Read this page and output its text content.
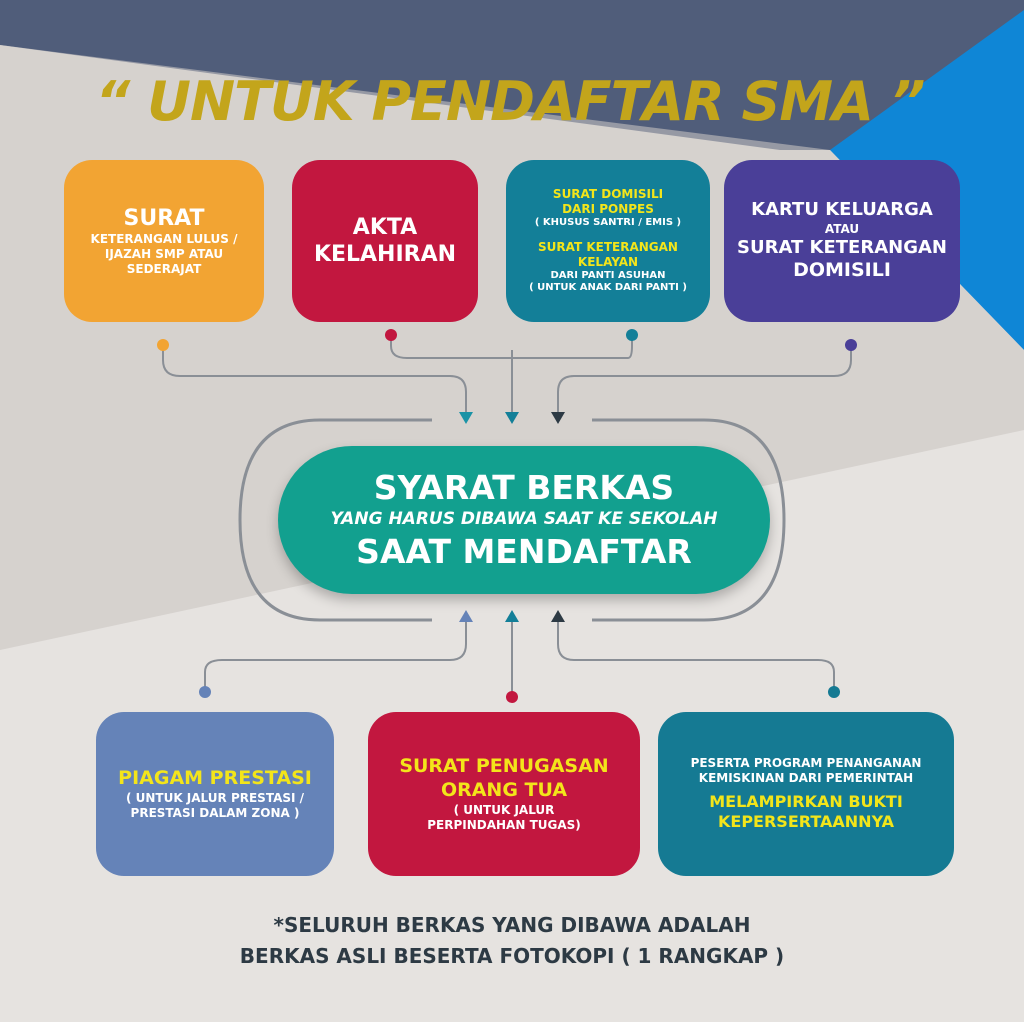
“ UNTUK PENDAFTAR SMA ”
SURAT
KETERANGAN LULUS /
IJAZAH SMP ATAU
SEDERAJAT
AKTA
KELAHIRAN
SURAT DOMISILI
DARI PONPES
( KHUSUS SANTRI / EMIS )
SURAT KETERANGAN
KELAYAN
DARI PANTI ASUHAN
( UNTUK ANAK DARI PANTI )
KARTU KELUARGA
ATAU
SURAT KETERANGAN
DOMISILI
SYARAT BERKAS
YANG HARUS DIBAWA SAAT KE SEKOLAH
SAAT MENDAFTAR
PIAGAM PRESTASI
( UNTUK JALUR PRESTASI /
PRESTASI DALAM ZONA )
SURAT PENUGASAN
ORANG TUA
( UNTUK JALUR
PERPINDAHAN TUGAS)
PESERTA PROGRAM PENANGANAN
KEMISKINAN DARI PEMERINTAH
MELAMPIRKAN BUKTI
KEPERSERTAANNYA
*SELURUH BERKAS YANG DIBAWA ADALAH
BERKAS ASLI BESERTA FOTOKOPI ( 1 RANGKAP )
